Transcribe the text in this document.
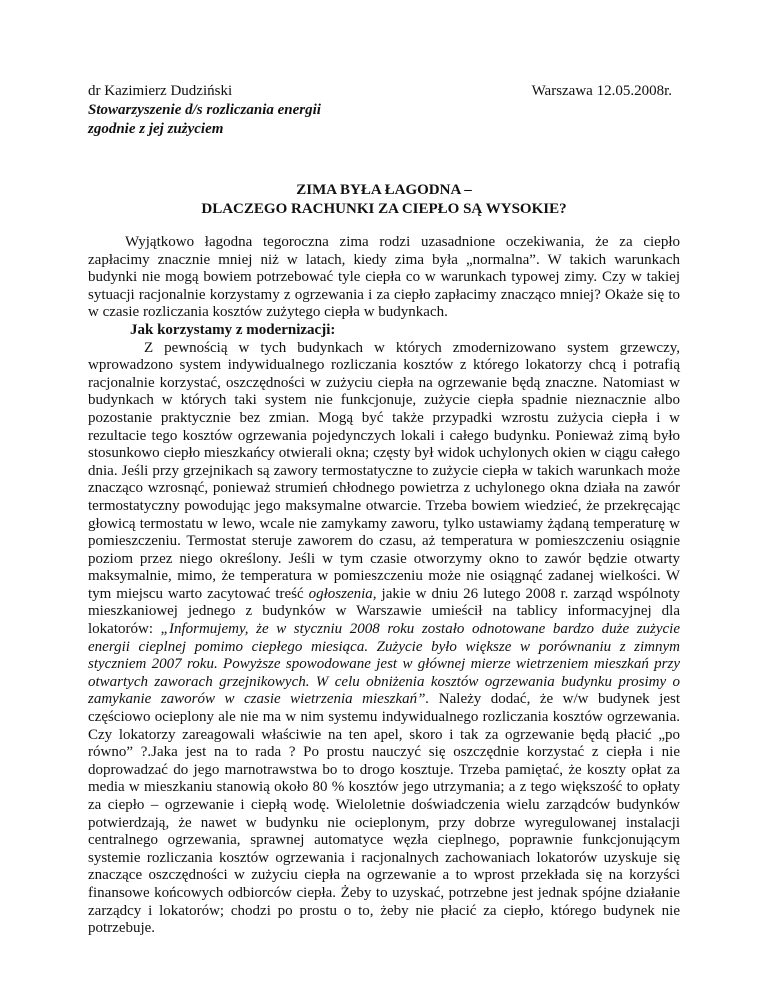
dr Kazimierz Dudziński
Stowarzyszenie d/s rozliczania energii
zgodnie z jej zużyciem
Warszawa 12.05.2008r.
ZIMA BYŁA ŁAGODNA –
DLACZEGO RACHUNKI ZA CIEPŁO SĄ WYSOKIE?

Wyjątkowo łagodna tegoroczna zima rodzi uzasadnione oczekiwania, że za ciepło zapłacimy znacznie mniej niż w latach, kiedy zima była „normalna”. W takich warunkach budynki nie mogą bowiem potrzebować tyle ciepła co w warunkach typowej zimy. Czy w takiej sytuacji racjonalnie korzystamy z ogrzewania i za ciepło zapłacimy znacząco mniej? Okaże się to w czasie rozliczania kosztów zużytego ciepła w budynkach.

Jak korzystamy z modernizacji:

Z pewnością w tych budynkach w których zmodernizowano system grzewczy, wprowadzono system indywidualnego rozliczania kosztów z którego lokatorzy chcą i potrafią racjonalnie korzystać, oszczędności w zużyciu ciepła na ogrzewanie będą znaczne. Natomiast w budynkach w których taki system nie funkcjonuje, zużycie ciepła spadnie nieznacznie albo pozostanie praktycznie bez zmian. Mogą być także przypadki wzrostu zużycia ciepła i w rezultacie tego kosztów ogrzewania pojedynczych lokali i całego budynku. Ponieważ zimą było stosunkowo ciepło mieszkańcy otwierali okna; częsty był widok uchylonych okien w ciągu całego dnia. Jeśli przy grzejnikach są zawory termostatyczne to zużycie ciepła w takich warunkach może znacząco wzrosnąć, ponieważ strumień chłodnego powietrza z uchylonego okna działa na zawór termostatyczny powodując jego maksymalne otwarcie. Trzeba bowiem wiedzieć, że przekręcając głowicą termostatu w lewo, wcale nie zamykamy zaworu, tylko ustawiamy żądaną temperaturę w pomieszczeniu. Termostat steruje zaworem do czasu, aż temperatura w pomieszczeniu osiągnie poziom przez niego określony. Jeśli w tym czasie otworzymy okno to zawór będzie otwarty maksymalnie, mimo, że temperatura w pomieszczeniu może nie osiągnąć zadanej wielkości. W tym miejscu warto zacytować treść ogłoszenia, jakie w dniu 26 lutego 2008 r. zarząd wspólnoty mieszkaniowej jednego z budynków w Warszawie umieścił na tablicy informacyjnej dla lokatorów: „Informujemy, że w styczniu 2008 roku zostało odnotowane bardzo duże zużycie energii cieplnej pomimo ciepłego miesiąca. Zużycie było większe w porównaniu z zimnym styczniem 2007 roku. Powyższe spowodowane jest w głównej mierze wietrzeniem mieszkań przy otwartych zaworach grzejnikowych. W celu obniżenia kosztów ogrzewania budynku prosimy o zamykanie zaworów w czasie wietrzenia mieszkań”. Należy dodać, że w/w budynek jest częściowo ocieplony ale nie ma w nim systemu indywidualnego rozliczania kosztów ogrzewania. Czy lokatorzy zareagowali właściwie na ten apel, skoro i tak za ogrzewanie będą płacić „po równo” ?.Jaka jest na to rada ? Po prostu nauczyć się oszczędnie korzystać z ciepła i nie doprowadzać do jego marnotrawstwa bo to drogo kosztuje. Trzeba pamiętać, że koszty opłat za media w mieszkaniu stanowią około 80 % kosztów jego utrzymania; a z tego większość to opłaty za ciepło – ogrzewanie i ciepłą wodę. Wieloletnie doświadczenia wielu zarządców budynków potwierdzają, że nawet w budynku nie ocieplonym, przy dobrze wyregulowanej instalacji centralnego ogrzewania, sprawnej automatyce węzła cieplnego, poprawnie funkcjonującym systemie rozliczania kosztów ogrzewania i racjonalnych zachowaniach lokatorów uzyskuje się znaczące oszczędności w zużyciu ciepła na ogrzewanie a to wprost przekłada się na korzyści finansowe końcowych odbiorców ciepła. Żeby to uzyskać, potrzebne jest jednak spójne działanie zarządcy i lokatorów; chodzi po prostu o to, żeby nie płacić za ciepło, którego budynek nie potrzebuje.
